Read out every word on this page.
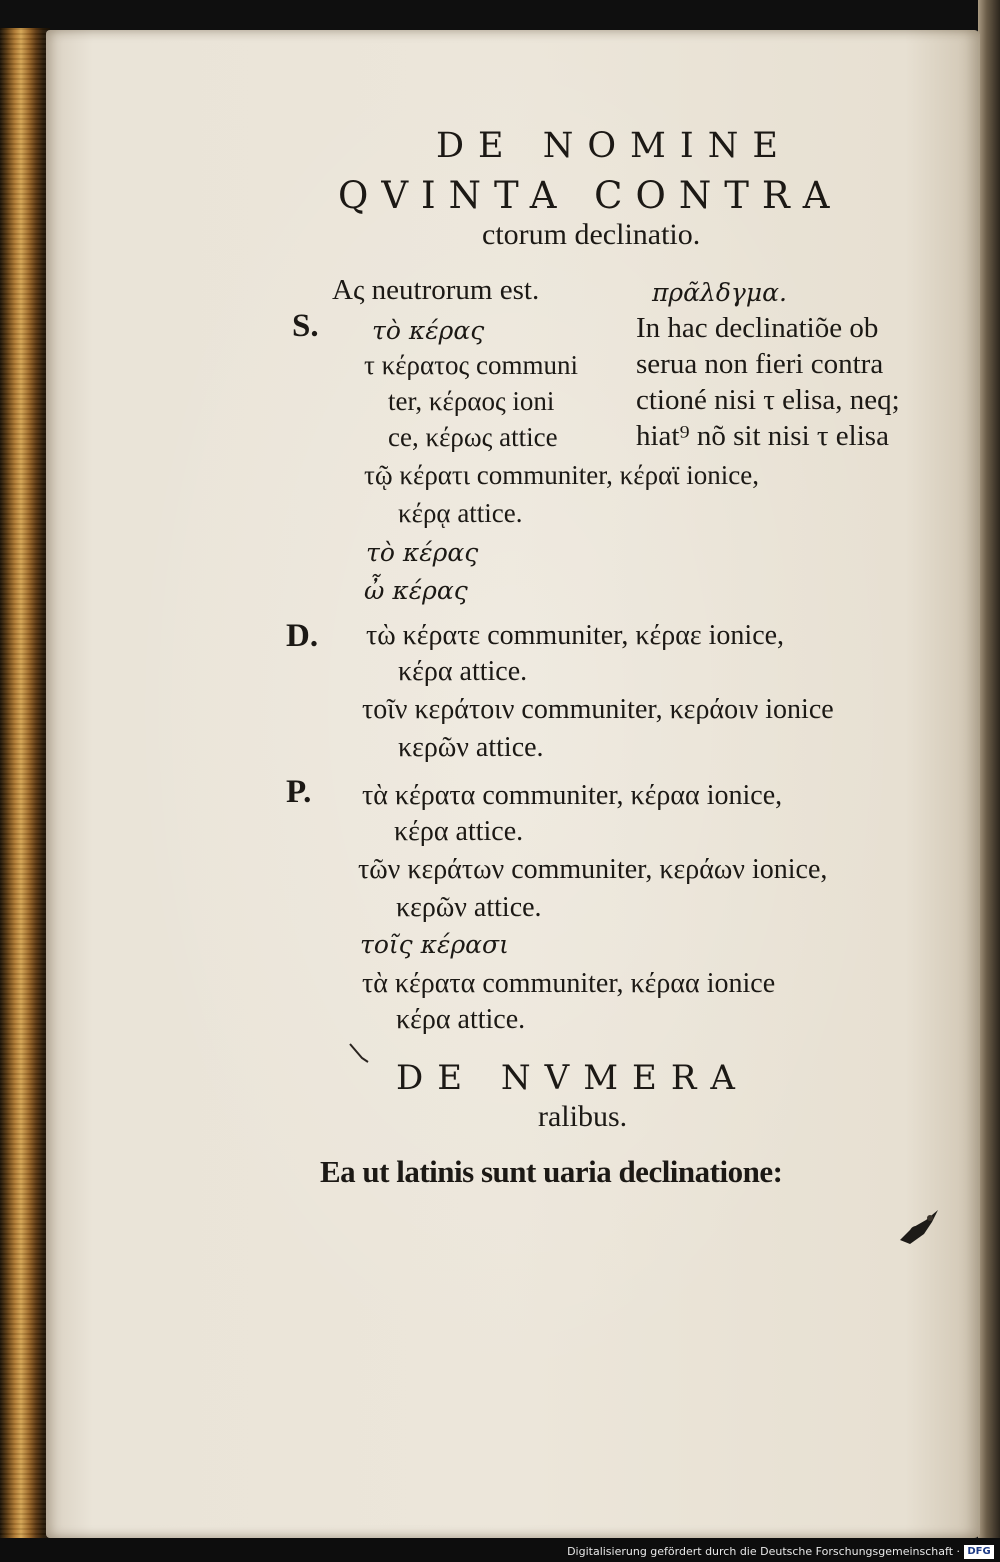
DE NOMINE
QVINTA CONTRA
ctorum declinatio.
Ας neutrorum est.	πρᾶλδγμα.
S.
D.
P.
In hac declinatiõe ob
serua non fieri contra
ctioné nisi τ elisa, neq;
hiat⁹ nõ sit nisi τ elisa
τὸ κέρας
τ κέρατος communi
ter, κέραος ioni
ce, κέρως attice
τῷ κέρατι communiter, κέραϊ ionice,
κέρᾳ attice.
τὸ κέρας
ὦ κέρας
τὼ κέρατε communiter, κέραε ionice,
κέρα attice.
τοῖν κεράτοιν communiter, κεράοιν ionice
κερῶν attice.
τὰ κέρατα communiter, κέραα ionice,
κέρα attice.
τῶν κεράτων communiter, κεράων ionice,
κερῶν attice.
τοῖς κέρασι
τὰ κέρατα communiter, κέραα ionice
κέρα attice.
DE NVMERA
ralibus.
Ea ut latinis sunt uaria declinatione:
Digitalisierung gefördert durch die Deutsche Forschungsgemeinschaft · DFG
